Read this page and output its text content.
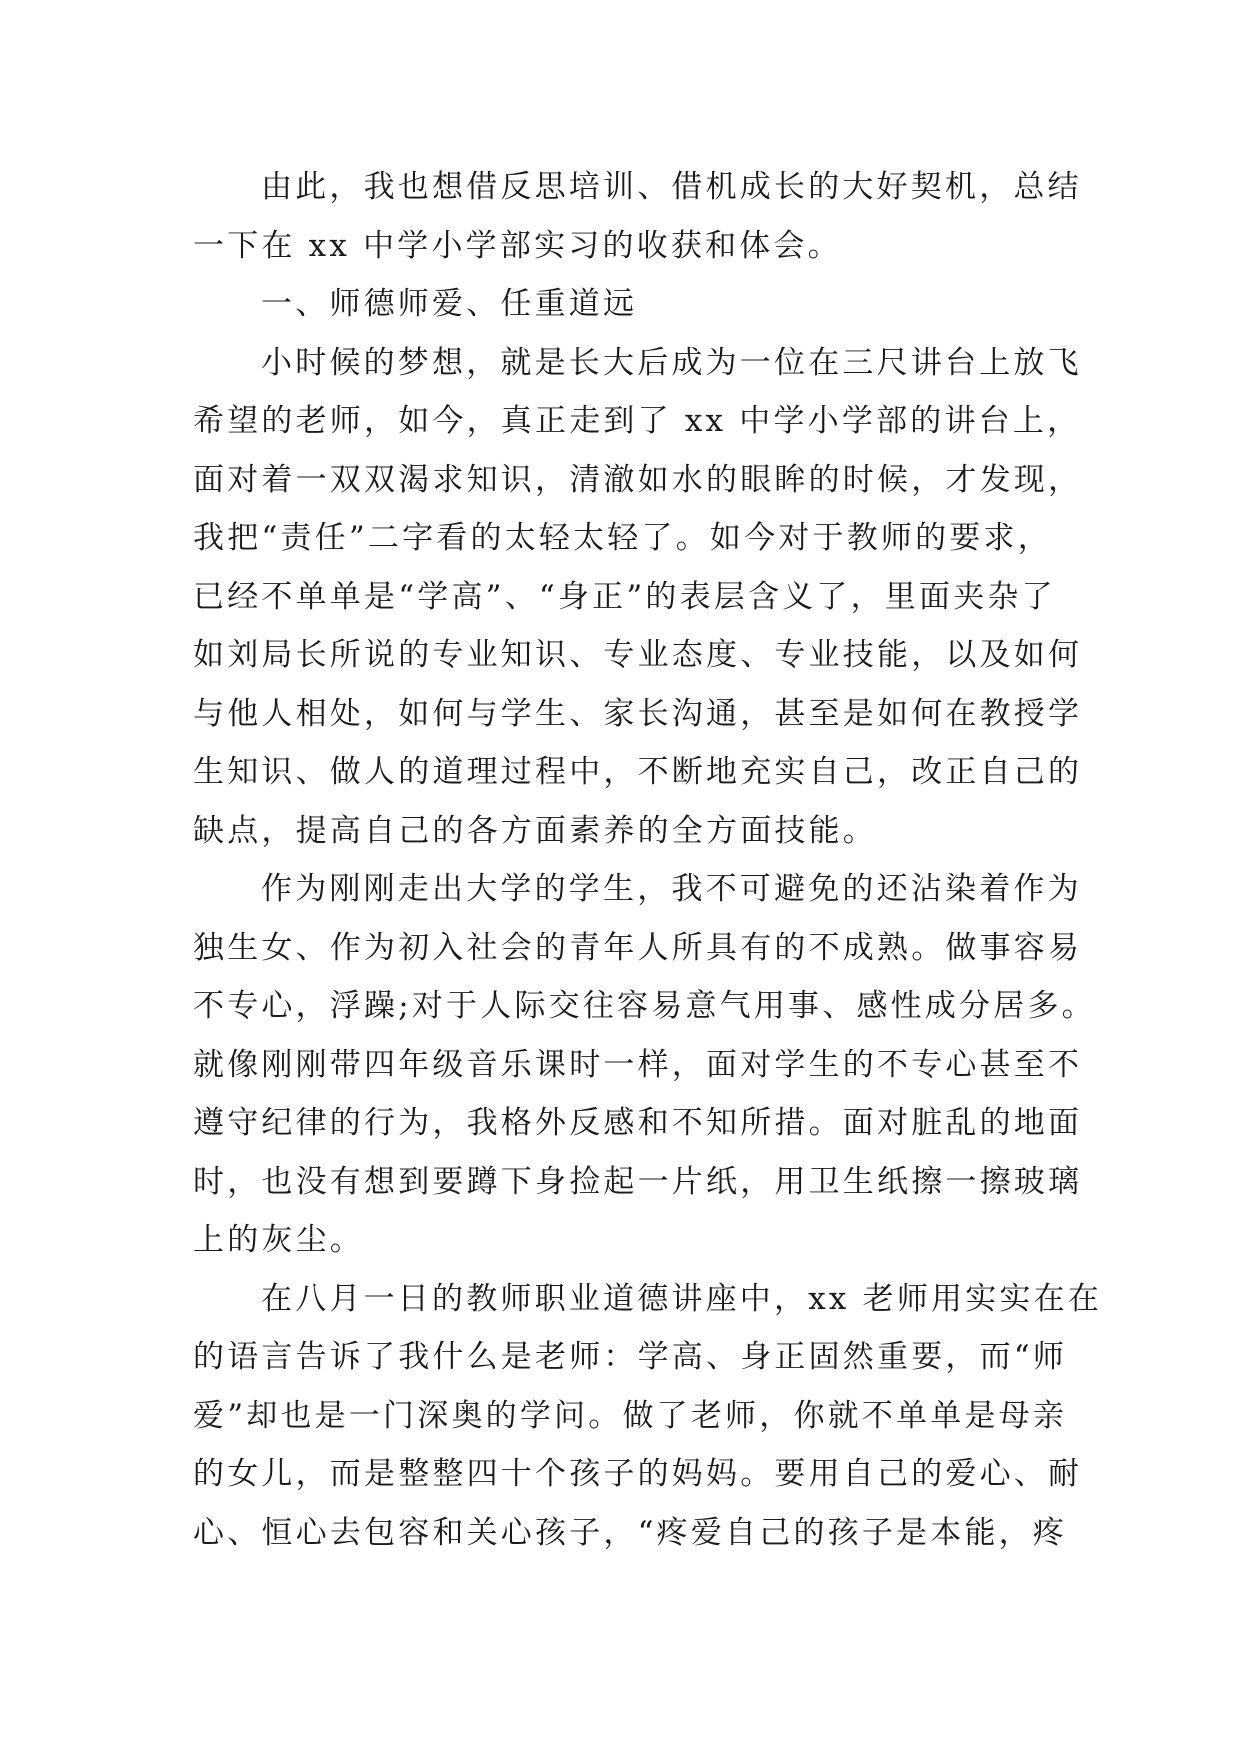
由此，我也想借反思培训、借机成长的大好契机，总结
一下在 xx 中学小学部实习的收获和体会。
一、师德师爱、任重道远
小时候的梦想，就是长大后成为一位在三尺讲台上放飞
希望的老师，如今，真正走到了 xx 中学小学部的讲台上，
面对着一双双渴求知识，清澈如水的眼眸的时候，才发现，
我把“责任”二字看的太轻太轻了。如今对于教师的要求，
已经不单单是“学高”、“身正”的表层含义了，里面夹杂了
如刘局长所说的专业知识、专业态度、专业技能，以及如何
与他人相处，如何与学生、家长沟通，甚至是如何在教授学
生知识、做人的道理过程中，不断地充实自己，改正自己的
缺点，提高自己的各方面素养的全方面技能。
作为刚刚走出大学的学生，我不可避免的还沾染着作为
独生女、作为初入社会的青年人所具有的不成熟。做事容易
不专心，浮躁;对于人际交往容易意气用事、感性成分居多。
就像刚刚带四年级音乐课时一样，面对学生的不专心甚至不
遵守纪律的行为，我格外反感和不知所措。面对脏乱的地面
时，也没有想到要蹲下身捡起一片纸，用卫生纸擦一擦玻璃
上的灰尘。
在八月一日的教师职业道德讲座中，xx 老师用实实在在
的语言告诉了我什么是老师：学高、身正固然重要，而“师
爱”却也是一门深奥的学问。做了老师，你就不单单是母亲
的女儿，而是整整四十个孩子的妈妈。要用自己的爱心、耐
心、恒心去包容和关心孩子，“疼爱自己的孩子是本能，疼
